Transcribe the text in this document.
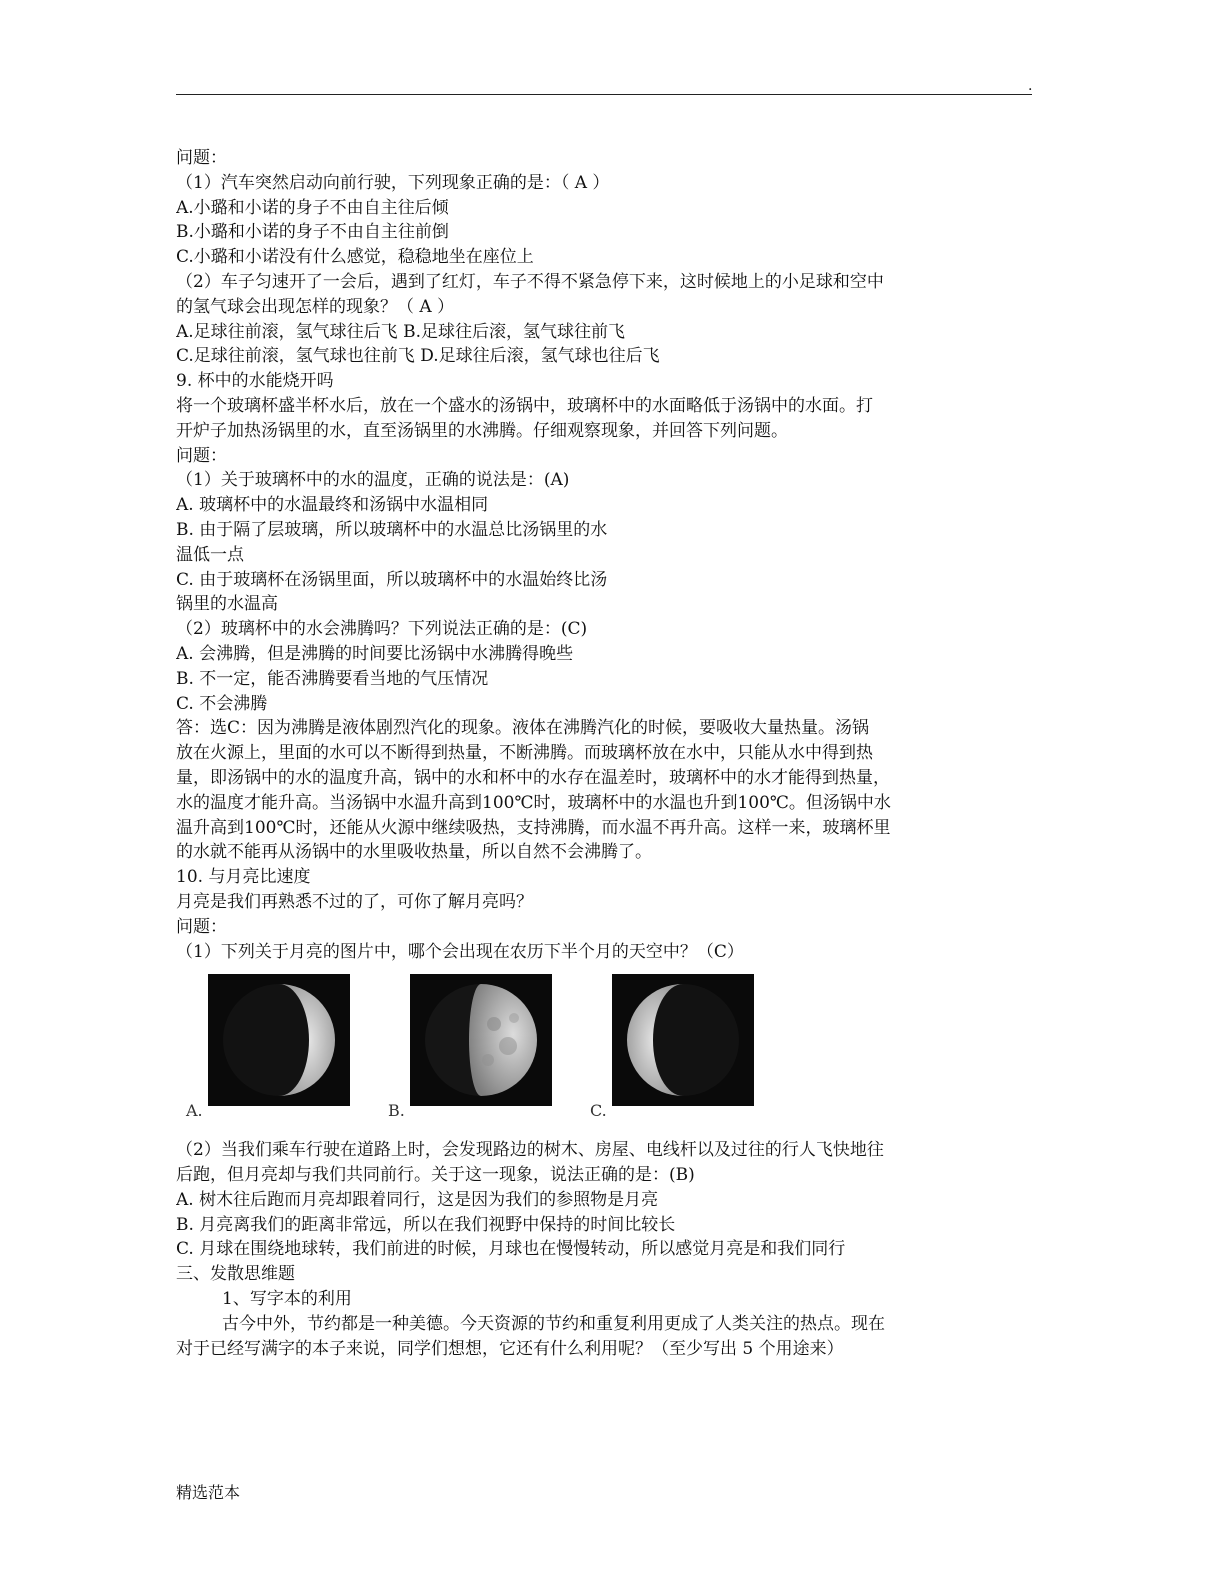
.
问题：
（1）汽车突然启动向前行驶，下列现象正确的是：（ A ）
A.小璐和小诺的身子不由自主往后倾
B.小璐和小诺的身子不由自主往前倒
C.小璐和小诺没有什么感觉，稳稳地坐在座位上
（2）车子匀速开了一会后，遇到了红灯，车子不得不紧急停下来，这时候地上的小足球和空中
的氢气球会出现怎样的现象？（ A ）
A.足球往前滚，氢气球往后飞 B.足球往后滚，氢气球往前飞
C.足球往前滚，氢气球也往前飞 D.足球往后滚，氢气球也往后飞
9. 杯中的水能烧开吗
将一个玻璃杯盛半杯水后，放在一个盛水的汤锅中，玻璃杯中的水面略低于汤锅中的水面。打
开炉子加热汤锅里的水，直至汤锅里的水沸腾。仔细观察现象，并回答下列问题。
问题：
（1）关于玻璃杯中的水的温度，正确的说法是：(A)
A. 玻璃杯中的水温最终和汤锅中水温相同
B. 由于隔了层玻璃，所以玻璃杯中的水温总比汤锅里的水
温低一点
C. 由于玻璃杯在汤锅里面，所以玻璃杯中的水温始终比汤
锅里的水温高
（2）玻璃杯中的水会沸腾吗？下列说法正确的是：(C)
A. 会沸腾，但是沸腾的时间要比汤锅中水沸腾得晚些
B. 不一定，能否沸腾要看当地的气压情况
C. 不会沸腾
答：选C：因为沸腾是液体剧烈汽化的现象。液体在沸腾汽化的时候，要吸收大量热量。汤锅
放在火源上，里面的水可以不断得到热量，不断沸腾。而玻璃杯放在水中，只能从水中得到热
量，即汤锅中的水的温度升高，锅中的水和杯中的水存在温差时，玻璃杯中的水才能得到热量，
水的温度才能升高。当汤锅中水温升高到100℃时，玻璃杯中的水温也升到100℃。但汤锅中水
温升高到100℃时，还能从火源中继续吸热，支持沸腾，而水温不再升高。这样一来，玻璃杯里
的水就不能再从汤锅中的水里吸收热量，所以自然不会沸腾了。
10. 与月亮比速度
月亮是我们再熟悉不过的了，可你了解月亮吗？
问题：
（1）下列关于月亮的图片中，哪个会出现在农历下半个月的天空中？（C）
A.	B.	C.
（2）当我们乘车行驶在道路上时，会发现路边的树木、房屋、电线杆以及过往的行人飞快地往
后跑，但月亮却与我们共同前行。关于这一现象，说法正确的是：(B)
A. 树木往后跑而月亮却跟着同行，这是因为我们的参照物是月亮
B. 月亮离我们的距离非常远，所以在我们视野中保持的时间比较长
C. 月球在围绕地球转，我们前进的时候，月球也在慢慢转动，所以感觉月亮是和我们同行
三、发散思维题
1、写字本的利用
古今中外，节约都是一种美德。今天资源的节约和重复利用更成了人类关注的热点。现在
对于已经写满字的本子来说，同学们想想，它还有什么利用呢？（至少写出 5 个用途来）
精选范本
